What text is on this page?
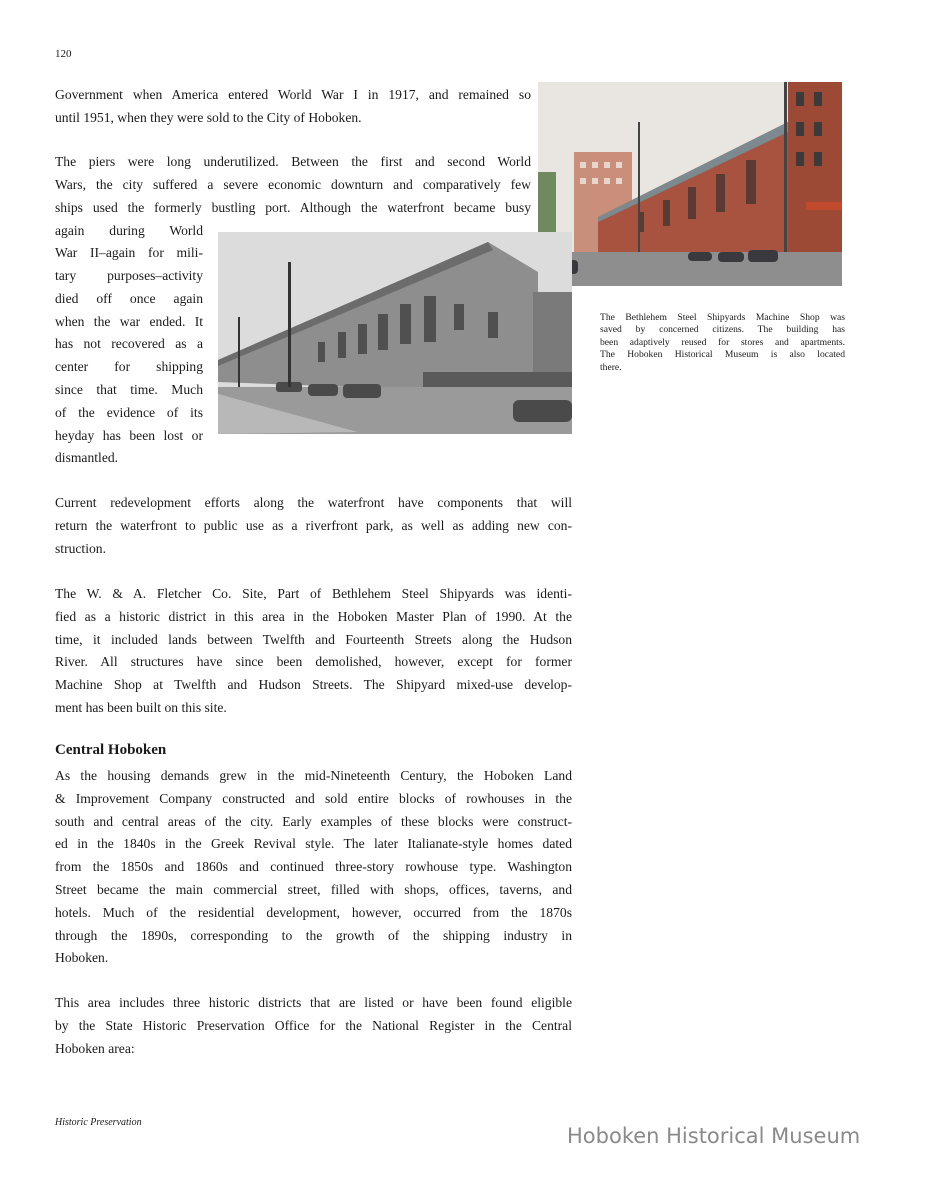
120
Government when America entered World War I in 1917, and remained so
until 1951, when they were sold to the City of Hoboken.
The piers were long underutilized. Between the first and second World
Wars, the city suffered a severe economic downturn and comparatively few
ships used the formerly bustling port. Although the waterfront became busy
again during World
War II–again for mili-
tary purposes–activity
died off once again
when the war ended. It
has not recovered as a
center for shipping
since that time. Much
of the evidence of its
heyday has been lost or
dismantled.
Current redevelopment efforts along the waterfront have components that will
return the waterfront to public use as a riverfront park, as well as adding new con-
struction.
The W. & A. Fletcher Co. Site, Part of Bethlehem Steel Shipyards was identi-
fied as a historic district in this area in the Hoboken Master Plan of 1990. At the
time, it included lands between Twelfth and Fourteenth Streets along the Hudson
River. All structures have since been demolished, however, except for former
Machine Shop at Twelfth and Hudson Streets. The Shipyard mixed-use develop-
ment has been built on this site.
Central Hoboken
As the housing demands grew in the mid-Nineteenth Century, the Hoboken Land
& Improvement Company constructed and sold entire blocks of rowhouses in the
south and central areas of the city. Early examples of these blocks were construct-
ed in the 1840s in the Greek Revival style. The later Italianate-style homes dated
from the 1850s and 1860s and continued three-story rowhouse type. Washington
Street became the main commercial street, filled with shops, offices, taverns, and
hotels. Much of the residential development, however, occurred from the 1870s
through the 1890s, corresponding to the growth of the shipping industry in
Hoboken.
This area includes three historic districts that are listed or have been found eligible
by the State Historic Preservation Office for the National Register in the Central
Hoboken area:
The Bethlehem Steel Shipyards Machine Shop was
saved by concerned citizens. The building has
been adaptively reused for stores and apartments.
The Hoboken Historical Museum is also located
there.
Historic Preservation
Hoboken Historical Museum
